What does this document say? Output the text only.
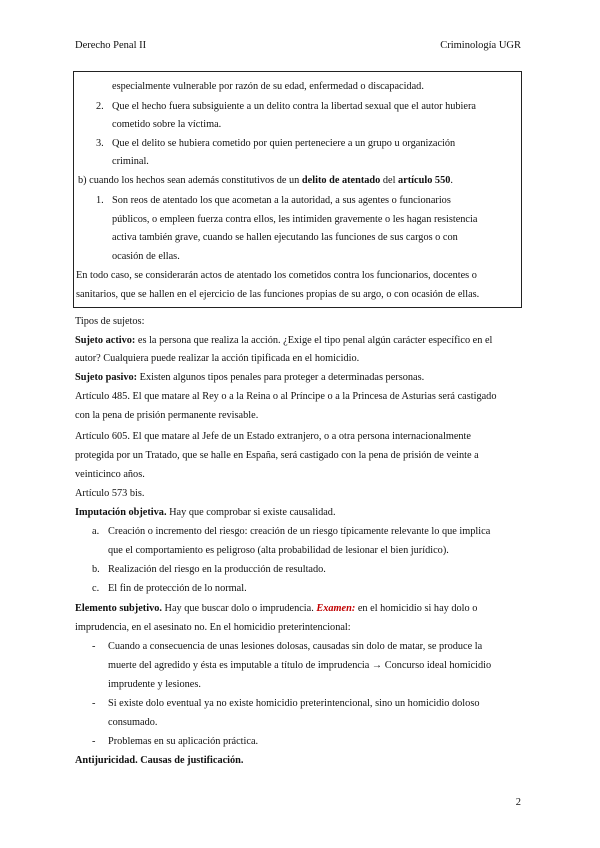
Derecho Penal II	Criminología UGR
especialmente vulnerable por razón de su edad, enfermedad o discapacidad.
2. Que el hecho fuera subsiguiente a un delito contra la libertad sexual que el autor hubiera
cometido sobre la víctima.
3. Que el delito se hubiera cometido por quien perteneciere a un grupo u organización
criminal.
b) cuando los hechos sean además constitutivos de un delito de atentado del artículo 550.
1. Son reos de atentado los que acometan a la autoridad, a sus agentes o funcionarios
públicos, o empleen fuerza contra ellos, les intimiden gravemente o les hagan resistencia
activa también grave, cuando se hallen ejecutando las funciones de sus cargos o con
ocasión de ellas.
En todo caso, se considerarán actos de atentado los cometidos contra los funcionarios, docentes o
sanitarios, que se hallen en el ejercicio de las funciones propias de su argo, o con ocasión de ellas.
Tipos de sujetos:
Sujeto activo: es la persona que realiza la acción. ¿Exige el tipo penal algún carácter específico en el
autor? Cualquiera puede realizar la acción tipificada en el homicidio.
Sujeto pasivo: Existen algunos tipos penales para proteger a determinadas personas.
Artículo 485. El que matare al Rey o a la Reina o al Príncipe o a la Princesa de Asturias será castigado
con la pena de prisión permanente revisable.
Artículo 605. El que matare al Jefe de un Estado extranjero, o a otra persona internacionalmente
protegida por un Tratado, que se halle en España, será castigado con la pena de prisión de veinte a
veinticinco años.
Artículo 573 bis.
Imputación objetiva. Hay que comprobar si existe causalidad.
a. Creación o incremento del riesgo: creación de un riesgo típicamente relevante lo que implica
que el comportamiento es peligroso (alta probabilidad de lesionar el bien jurídico).
b. Realización del riesgo en la producción de resultado.
c. El fin de protección de lo normal.
Elemento subjetivo. Hay que buscar dolo o imprudencia. Examen: en el homicidio si hay dolo o
imprudencia, en el asesinato no. En el homicidio preterintencional:
- Cuando a consecuencia de unas lesiones dolosas, causadas sin dolo de matar, se produce la
muerte del agredido y ésta es imputable a título de imprudencia → Concurso ideal homicidio
imprudente y lesiones.
- Si existe dolo eventual ya no existe homicidio preterintencional, sino un homicidio doloso
consumado.
- Problemas en su aplicación práctica.
Antijuricidad. Causas de justificación.
2
